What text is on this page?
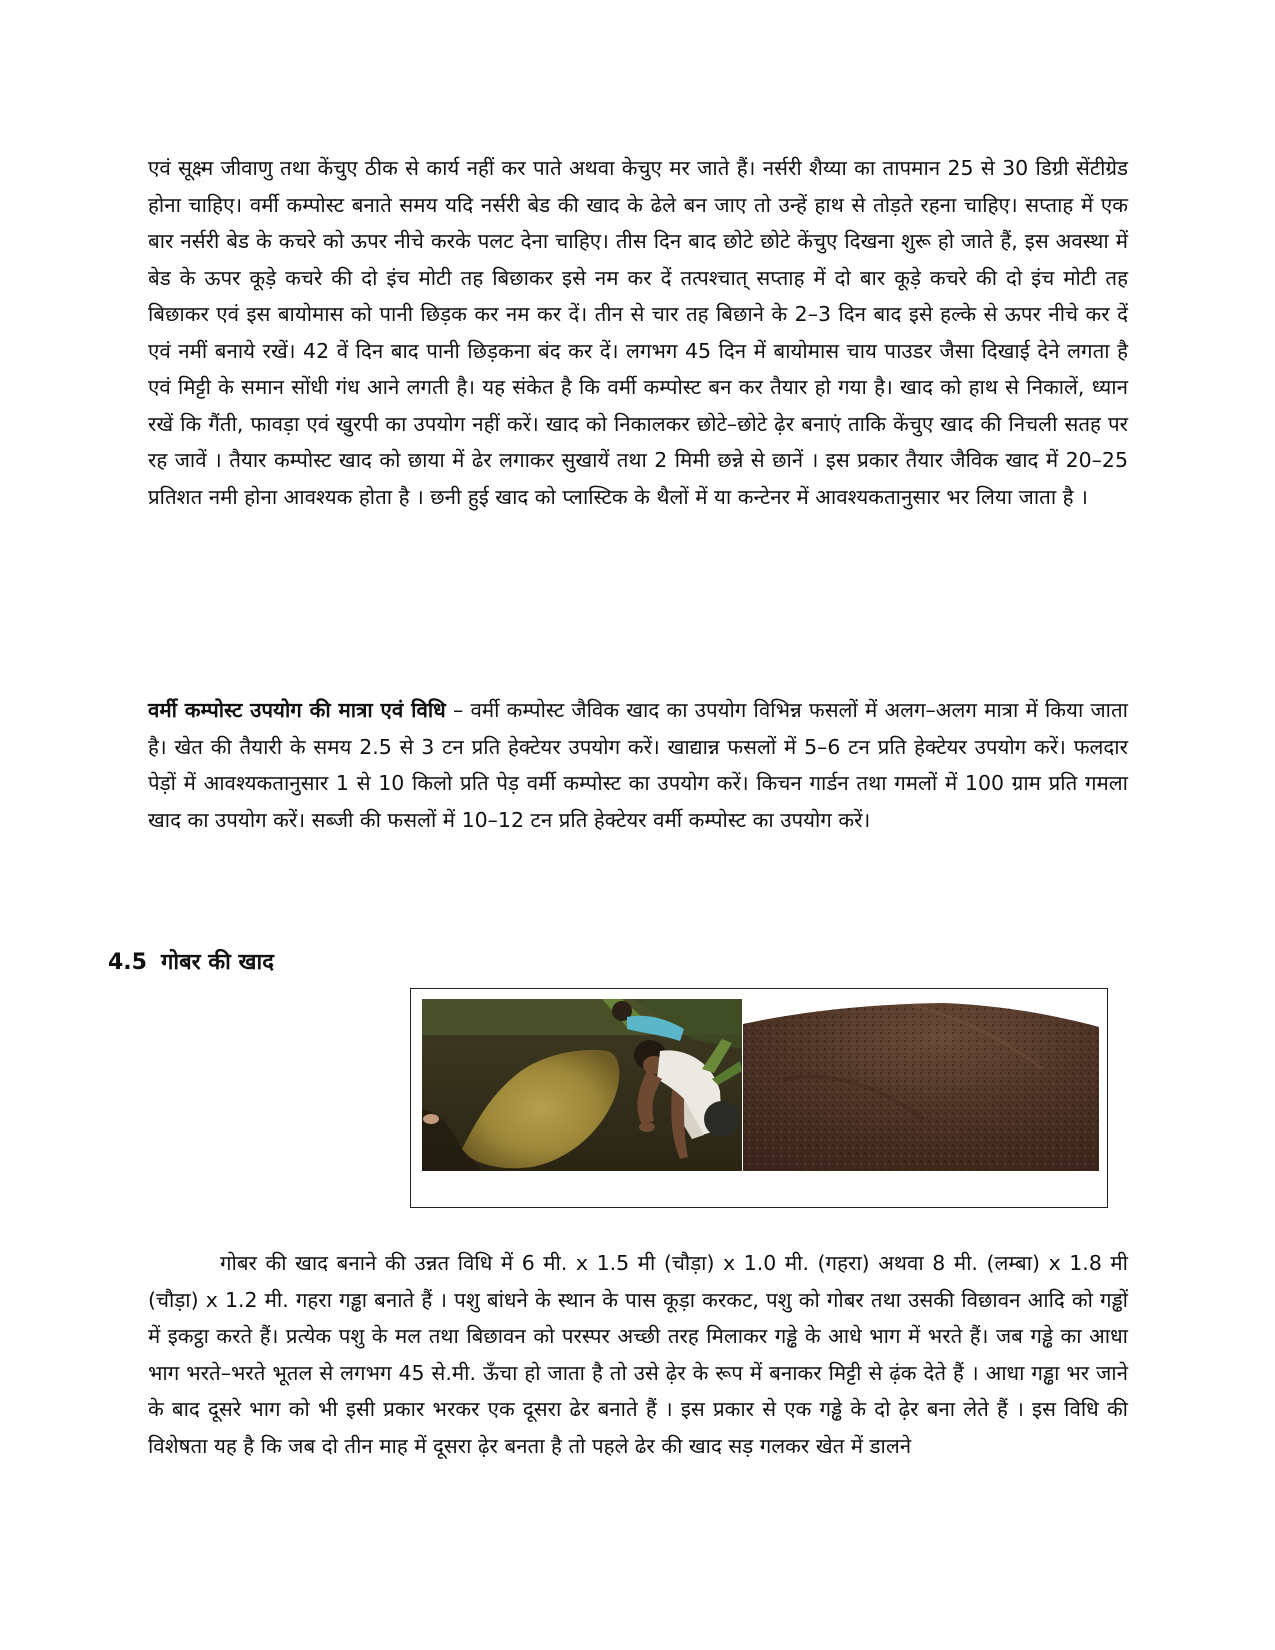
एवं सूक्ष्म जीवाणु तथा केंचुए ठीक से कार्य नहीं कर पाते अथवा केचुए मर जाते हैं। नर्सरी शैय्या का तापमान 25 से 30 डिग्री सेंटीग्रेड होना चाहिए। वर्मी कम्पोस्ट बनाते समय यदि नर्सरी बेड की खाद के ढेले बन जाए तो उन्हें हाथ से तोड़ते रहना चाहिए। सप्ताह में एक बार नर्सरी बेड के कचरे को ऊपर नीचे करके पलट देना चाहिए। तीस दिन बाद छोटे छोटे केंचुए दिखना शुरू हो जाते हैं, इस अवस्था में बेड के ऊपर कूड़े कचरे की दो इंच मोटी तह बिछाकर इसे नम कर दें तत्पश्चात् सप्ताह में दो बार कूड़े कचरे की दो इंच मोटी तह बिछाकर एवं इस बायोमास को पानी छिड़क कर नम कर दें। तीन से चार तह बिछाने के 2–3 दिन बाद इसे हल्के से ऊपर नीचे कर दें एवं नमीं बनाये रखें। 42 वें दिन बाद पानी छिड़कना बंद कर दें। लगभग 45 दिन में बायोमास चाय पाउडर जैसा दिखाई देने लगता है एवं मिट्टी के समान सोंधी गंध आने लगती है। यह संकेत है कि वर्मी कम्पोस्ट बन कर तैयार हो गया है। खाद को हाथ से निकालें, ध्यान रखें कि गैंती, फावड़ा एवं खुरपी का उपयोग नहीं करें। खाद को निकालकर छोटे–छोटे ढ़ेर बनाएं ताकि केंचुए खाद की निचली सतह पर रह जावें । तैयार कम्पोस्ट खाद को छाया में ढेर लगाकर सुखायें तथा 2 मिमी छन्ने से छानें । इस प्रकार तैयार जैविक खाद में 20–25 प्रतिशत नमी होना आवश्यक होता है । छनी हुई खाद को प्लास्टिक के थैलों में या कन्टेनर में आवश्यकतानुसार भर लिया जाता है ।
वर्मी कम्पोस्ट उपयोग की मात्रा एवं विधि – वर्मी कम्पोस्ट जैविक खाद का उपयोग विभिन्न फसलों में अलग–अलग मात्रा में किया जाता है। खेत की तैयारी के समय 2.5 से 3 टन प्रति हेक्टेयर उपयोग करें। खाद्यान्न फसलों में 5–6 टन प्रति हेक्टेयर उपयोग करें। फलदार पेड़ों में आवश्यकतानुसार 1 से 10 किलो प्रति पेड़ वर्मी कम्पोस्ट का उपयोग करें। किचन गार्डन तथा गमलों में 100 ग्राम प्रति गमला खाद का उपयोग करें। सब्जी की फसलों में 10–12 टन प्रति हेक्टेयर वर्मी कम्पोस्ट का उपयोग करें।
4.5 गोबर की खाद
गोबर की खाद बनाने की उन्नत विधि में 6 मी. x 1.5 मी (चौड़ा) x 1.0 मी. (गहरा) अथवा 8 मी. (लम्बा) x 1.8 मी (चौड़ा) x 1.2 मी. गहरा गड्ढा बनाते हैं । पशु बांधने के स्थान के पास कूड़ा करकट, पशु को गोबर तथा उसकी विछावन आदि को गड्ढों में इकट्ठा करते हैं। प्रत्येक पशु के मल तथा बिछावन को परस्पर अच्छी तरह मिलाकर गड्ढे के आधे भाग में भरते हैं। जब गड्ढे का आधा भाग भरते–भरते भूतल से लगभग 45 से.मी. ऊँचा हो जाता है तो उसे ढ़ेर के रूप में बनाकर मिट्टी से ढ़ंक देते हैं । आधा गड्ढा भर जाने के बाद दूसरे भाग को भी इसी प्रकार भरकर एक दूसरा ढेर बनाते हैं । इस प्रकार से एक गड्ढे के दो ढ़ेर बना लेते हैं । इस विधि की विशेषता यह है कि जब दो तीन माह में दूसरा ढ़ेर बनता है तो पहले ढेर की खाद सड़ गलकर खेत में डालने
